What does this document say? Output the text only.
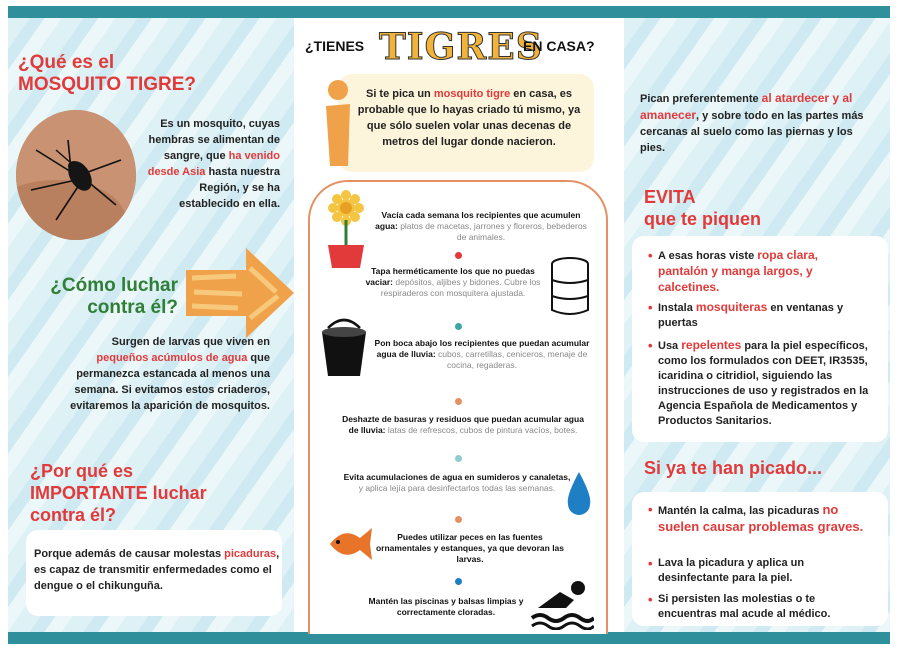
¿Qué es el
MOSQUITO TIGRE?
Es un mosquito, cuyas hembras se alimentan de sangre, que ha venido desde Asia hasta nuestra Región, y se ha establecido en ella.
¿Cómo luchar
contra él?
Surgen de larvas que viven en pequeños acúmulos de agua que permanezca estancada al menos una semana. Si evitamos estos criaderos, evitaremos la aparición de mosquitos.
¿Por qué es
IMPORTANTE luchar contra él?
Porque además de causar molestas picaduras, es capaz de transmitir enfermedades como el dengue o el chikunguña.
¿TIENES TIGRES
EN CASA?
Si te pica un mosquito tigre en casa, es probable que lo hayas criado tú mismo, ya que sólo suelen volar unas decenas de metros del lugar donde nacieron.
Vacía cada semana los recipientes que acumulen agua: platos de macetas, jarrones y floreros, bebederos de animales.
Tapa herméticamente los que no puedas vaciar: depósitos, aljibes y bidones. Cubre los respiraderos con mosquitera ajustada.
Pon boca abajo los recipientes que puedan acumular agua de lluvia: cubos, carretillas, ceniceros, menaje de cocina, regaderas.
Deshazte de basuras y residuos que puedan acumular agua de lluvia: latas de refrescos, cubos de pintura vacíos, botes.
Evita acumulaciones de agua en sumideros y canaletas, y aplica lejía para desinfectarlos todas las semanas.
Puedes utilizar peces en las fuentes ornamentales y estanques, ya que devoran las larvas.
Mantén las piscinas y balsas limpias y correctamente cloradas.
Pican preferentemente al atardecer y al amanecer, y sobre todo en las partes más cercanas al suelo como las piernas y los pies.
EVITA
que te piquen
• A esas horas viste ropa clara, pantalón y manga largos, y calcetines.
• Instala mosquiteras en ventanas y puertas
• Usa repelentes para la piel específicos, como los formulados con DEET, IR3535, icaridina o citridiol, siguiendo las instrucciones de uso y registrados en la Agencia Española de Medicamentos y Productos Sanitarios.
Si ya te han picado...
• Mantén la calma, las picaduras no suelen causar problemas graves.
• Lava la picadura y aplica un desinfectante para la piel.
• Si persisten las molestias o te encuentras mal acude al médico.
